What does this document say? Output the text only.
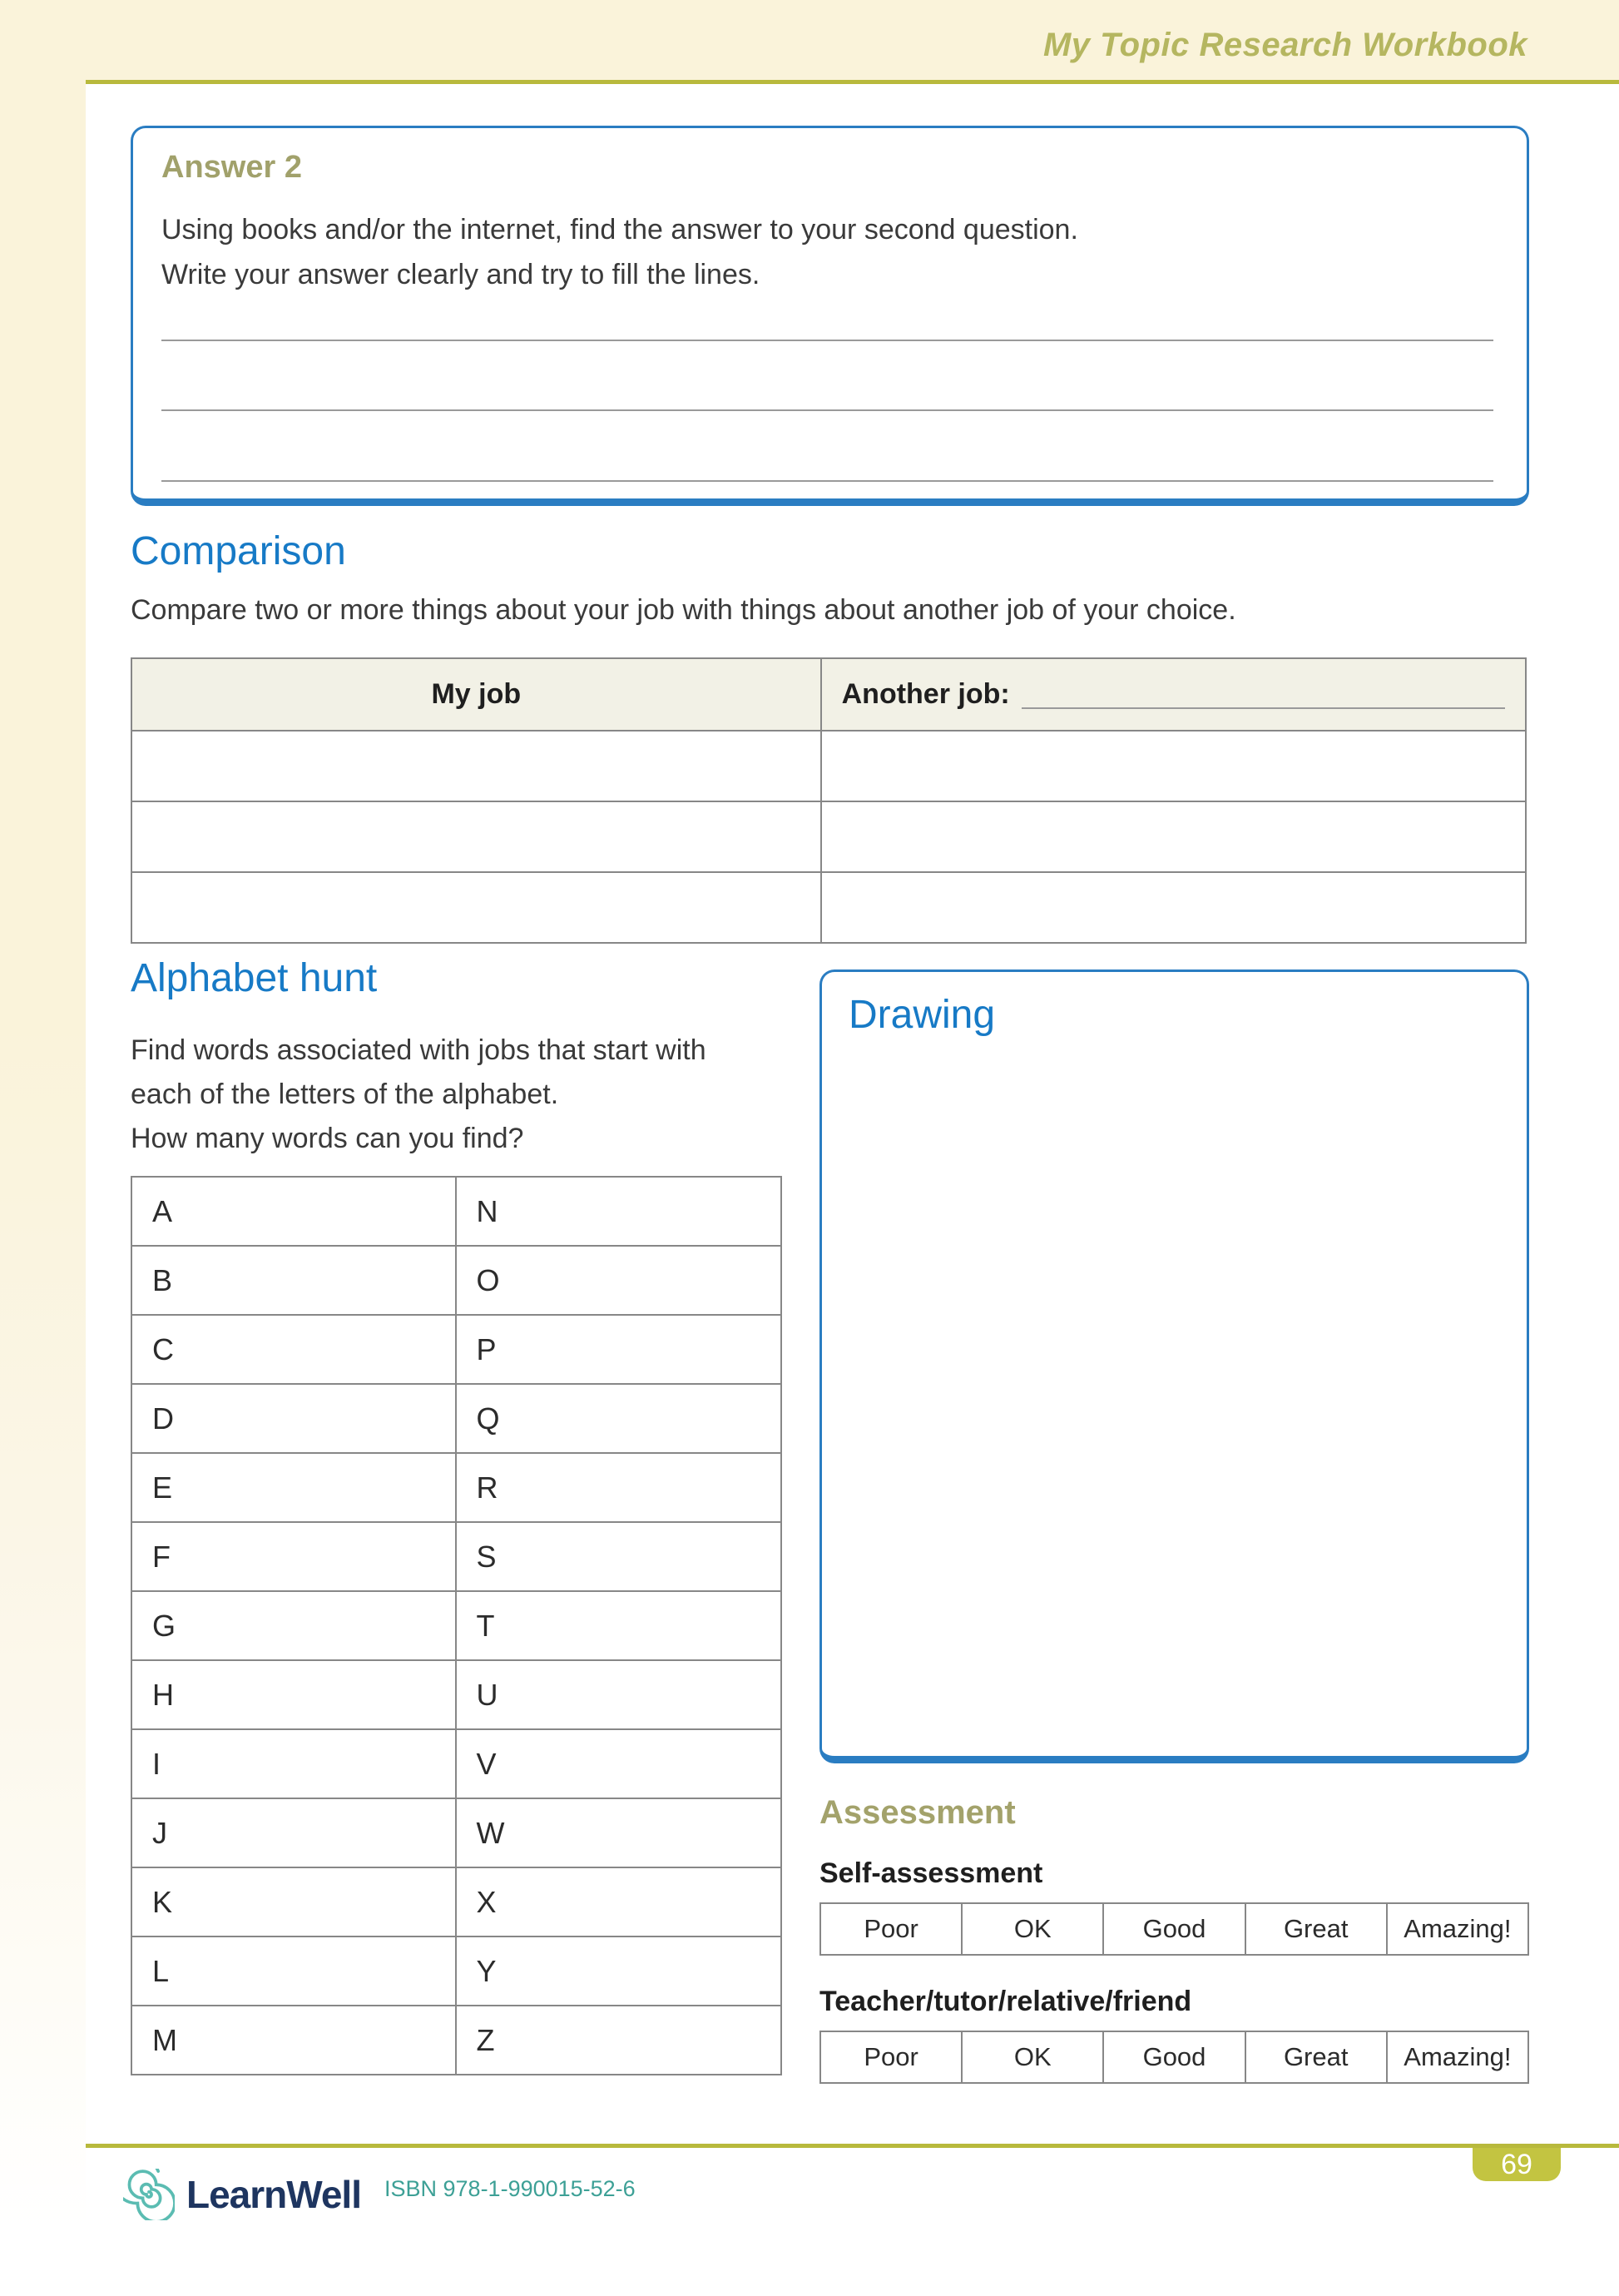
My Topic Research Workbook
Answer 2

Using books and/or the internet, find the answer to your second question.

Write your answer clearly and try to fill the lines.

Comparison

Compare two or more things about your job with things about another job of your choice.

My job	Another job:
Alphabet hunt
Find words associated with jobs that start with
each of the letters of the alphabet.
How many words can you find?
A	N
B	O
C	P
D	Q
E	R
F	S
G	T
H	U
I	V
J	W
K	X
L	Y
M	Z
Drawing
Assessment
Self-assessment
Poor	OK	Good	Great	Amazing!
Teacher/tutor/relative/friend
Poor	OK	Good	Great	Amazing!
69
LearnWell ISBN 978-1-990015-52-6
